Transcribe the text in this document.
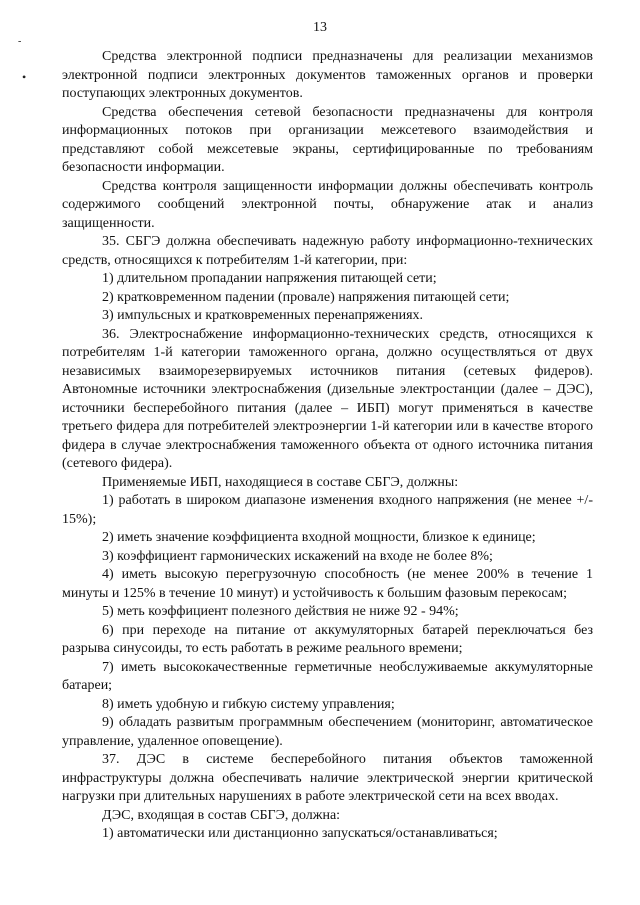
13
-
•

Средства электронной подписи предназначены для реализации механизмов электронной подписи электронных документов таможенных органов и проверки поступающих электронных документов.

Средства обеспечения сетевой безопасности предназначены для контроля информационных потоков при организации межсетевого взаимодействия и представляют собой межсетевые экраны, сертифицированные по требованиям безопасности информации.

Средства контроля защищенности информации должны обеспечивать контроль содержимого сообщений электронной почты, обнаружение атак и анализ защищенности.

35. СБГЭ должна обеспечивать надежную работу информационно-технических средств, относящихся к потребителям 1-й категории, при:

1) длительном пропадании напряжения питающей сети;

2) кратковременном падении (провале) напряжения питающей сети;

3) импульсных и кратковременных перенапряжениях.

36. Электроснабжение информационно-технических средств, относящихся к потребителям 1-й категории таможенного органа, должно осуществляться от двух независимых взаиморезервируемых источников питания (сетевых фидеров). Автономные источники электроснабжения (дизельные электростанции (далее – ДЭС), источники бесперебойного питания (далее – ИБП) могут применяться в качестве третьего фидера для потребителей электроэнергии 1-й категории или в качестве второго фидера в случае электроснабжения таможенного объекта от одного источника питания (сетевого фидера).

Применяемые ИБП, находящиеся в составе СБГЭ, должны:

1) работать в широком диапазоне изменения входного напряжения (не менее +/- 15%);

2) иметь значение коэффициента входной мощности, близкое к единице;

3) коэффициент гармонических искажений на входе не более 8%;

4) иметь высокую перегрузочную способность (не менее 200% в течение 1 минуты и 125% в течение 10 минут) и устойчивость к большим фазовым перекосам;

5) меть коэффициент полезного действия не ниже 92 - 94%;

6) при переходе на питание от аккумуляторных батарей переключаться без разрыва синусоиды, то есть работать в режиме реального времени;

7) иметь высококачественные герметичные необслуживаемые аккумуляторные батареи;

8) иметь удобную и гибкую систему управления;

9) обладать развитым программным обеспечением (мониторинг, автоматическое управление, удаленное оповещение).

37. ДЭС в системе бесперебойного питания объектов таможенной инфраструктуры должна обеспечивать наличие электрической энергии критической нагрузки при длительных нарушениях в работе электрической сети на всех вводах.

ДЭС, входящая в состав СБГЭ, должна:

1) автоматически или дистанционно запускаться/останавливаться;
